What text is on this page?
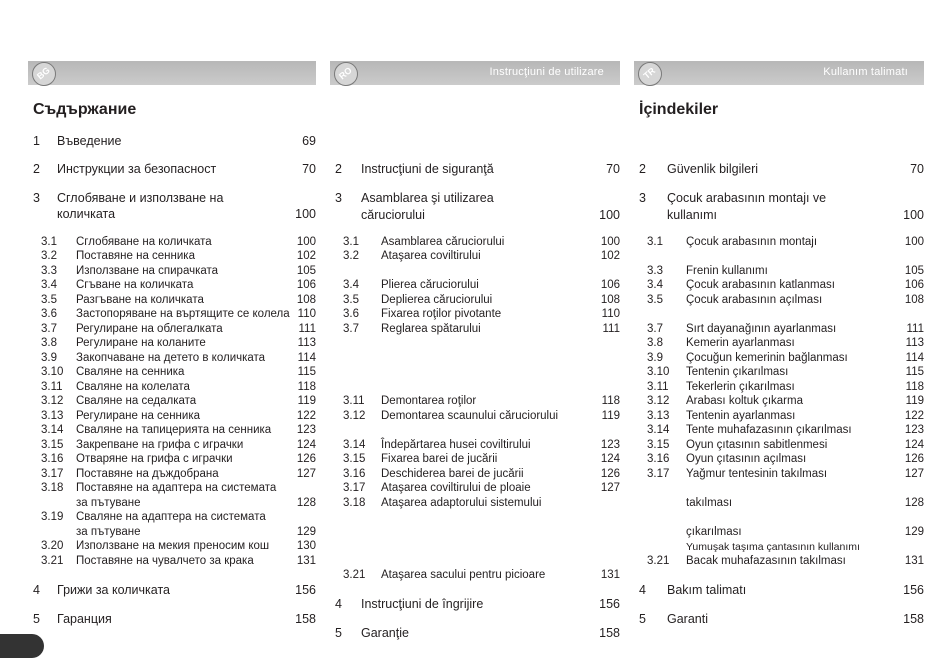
BG
Съдържание
1 Въведение	69
2 Инструкции за безопасност	70
3 Сглобяване и използване на
количката	100
3.1 Сглобяване на количката	100
3.2 Поставяне на сенника	102
3.3 Използване на спирачката	105
3.4 Сгъване на количката	106
3.5 Разгъване на количката	108
3.6 Застопоряване на въртящите се колела 110
3.7 Регулиране на облегалката	111
3.8 Регулиране на коланите	113
3.9 Закопчаване на детето в количката	114
3.10 Сваляне на сенника	115
3.11 Сваляне на колелата	118
3.12 Сваляне на седалката	119
3.13 Регулиране на сенника	122
3.14 Сваляне на тапицерията на сенника 123
3.15 Закрепване на грифа с играчки	124
3.16 Отваряне на грифа с играчки	126
3.17 Поставяне на дъждобрана	127
3.18 Поставяне на адаптера на системата
за пътуване	128
3.19 Сваляне на адаптера на системата
за пътуване	129
3.20 Използване на мекия преносим кош 130
3.21 Поставяне на чувалчето за крака	131
4 Грижи за количката	156
5 Гаранция	158
Instrucţiuni de utilizare
RO
2 Instrucţiuni de siguranţă	70
3 Asamblarea şi utilizarea
căruciorului	100
3.1 Asamblarea căruciorului	100
3.2 Ataşarea coviltirului	102
3.4 Plierea căruciorului	106
3.5 Deplierea căruciorului	108
3.6 Fixarea roţilor pivotante	110
3.7 Reglarea spătarului	111
3.11 Demontarea roţilor	118
3.12 Demontarea scaunului căruciorului	119
3.14 Îndepărtarea husei coviltirului	123
3.15 Fixarea barei de jucării	124
3.16 Deschiderea barei de jucării	126
3.17 Ataşarea coviltirului de ploaie	127
3.18 Ataşarea adaptorului sistemului
3.21 Ataşarea sacului pentru picioare	131
4 Instrucţiuni de îngrijire	156
5 Garanţie	158
Kullanım talimatı
TR
İçindekiler
2 Güvenlik bilgileri	70
3 Çocuk arabasının montajı ve
kullanımı	100
3.1 Çocuk arabasının montajı	100
3.3 Frenin kullanımı	105
3.4 Çocuk arabasının katlanması	106
3.5 Çocuk arabasının açılması	108
3.7 Sırt dayanağının ayarlanması	111
3.8 Kemerin ayarlanması	113
3.9 Çocuğun kemerinin bağlanması	114
3.10 Tentenin çıkarılması	115
3.11 Tekerlerin çıkarılması	118
3.12 Arabası koltuk çıkarma	119
3.13 Tentenin ayarlanması	122
3.14 Tente muhafazasının çıkarılması	123
3.15 Oyun çıtasının sabitlenmesi	124
3.16 Oyun çıtasının açılması	126
3.17 Yağmur tentesinin takılması	127
takılması	128
çıkarılması	129
Yumuşak taşıma çantasının kullanımı
3.21 Bacak muhafazasının takılması	131
4 Bakım talimatı	156
5 Garanti	158
